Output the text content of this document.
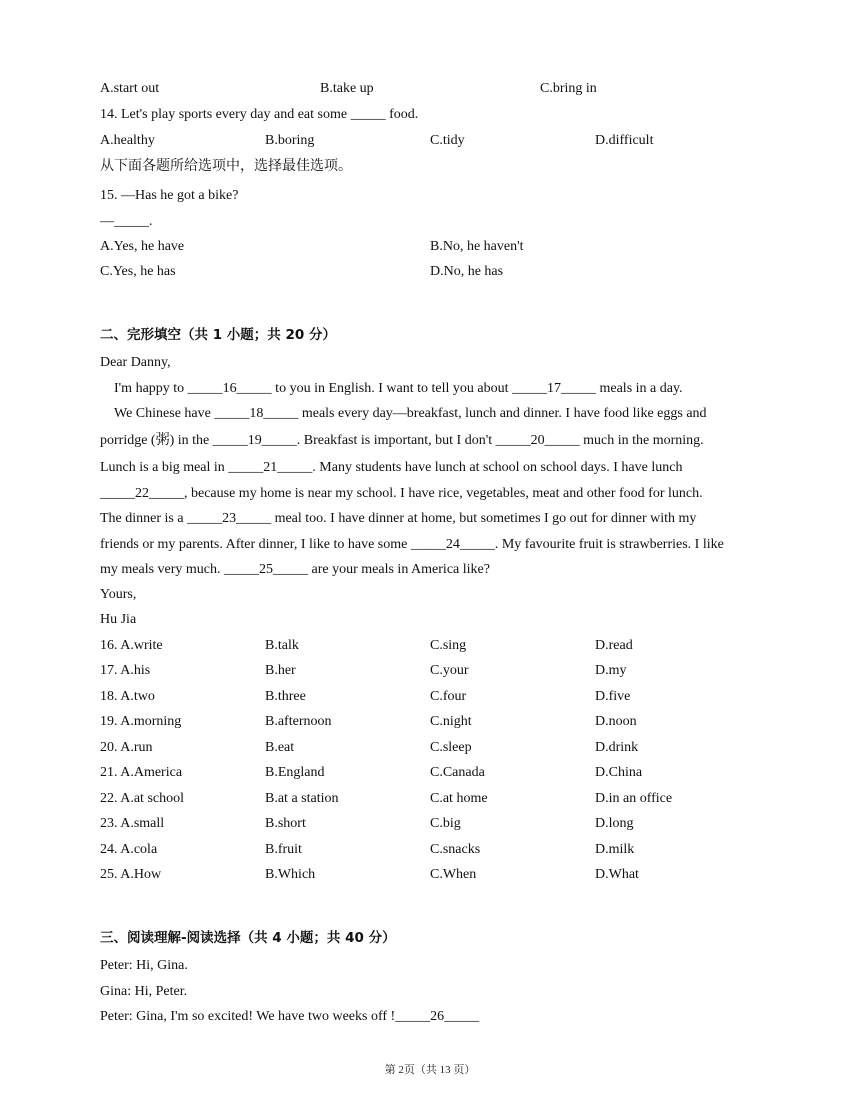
A.start out	B.take up	C.bring in
14. Let's play sports every day and eat some _____ food.
A.healthy	B.boring	C.tidy	D.difficult
从下面各题所给选项中，选择最佳选项。
15. —Has he got a bike?
—_____.
A.Yes, he have	B.No, he haven't
C.Yes, he has	D.No, he has
二、完形填空（共 1 小题；共 20 分）
Dear Danny,
I'm happy to _____16_____ to you in English. I want to tell you about _____17_____ meals in a day.
We Chinese have _____18_____ meals every day—breakfast, lunch and dinner. I have food like eggs and
porridge (粥) in the _____19_____. Breakfast is important, but I don't _____20_____ much in the morning.
Lunch is a big meal in _____21_____. Many students have lunch at school on school days. I have lunch
_____22_____, because my home is near my school. I have rice, vegetables, meat and other food for lunch.
The dinner is a _____23_____ meal too. I have dinner at home, but sometimes I go out for dinner with my
friends or my parents. After dinner, I like to have some _____24_____. My favourite fruit is strawberries. I like
my meals very much. _____25_____ are your meals in America like?
Yours,
Hu Jia
16. A.write	B.talk	C.sing	D.read
17. A.his	B.her	C.your	D.my
18. A.two	B.three	C.four	D.five
19. A.morning	B.afternoon	C.night	D.noon
20. A.run	B.eat	C.sleep	D.drink
21. A.America	B.England	C.Canada	D.China
22. A.at school	B.at a station	C.at home	D.in an office
23. A.small	B.short	C.big	D.long
24. A.cola	B.fruit	C.snacks	D.milk
25. A.How	B.Which	C.When	D.What
三、阅读理解-阅读选择（共 4 小题；共 40 分）
Peter: Hi, Gina.
Gina: Hi, Peter.
Peter: Gina, I'm so excited! We have two weeks off !_____26_____
第 2页（共 13 页）
